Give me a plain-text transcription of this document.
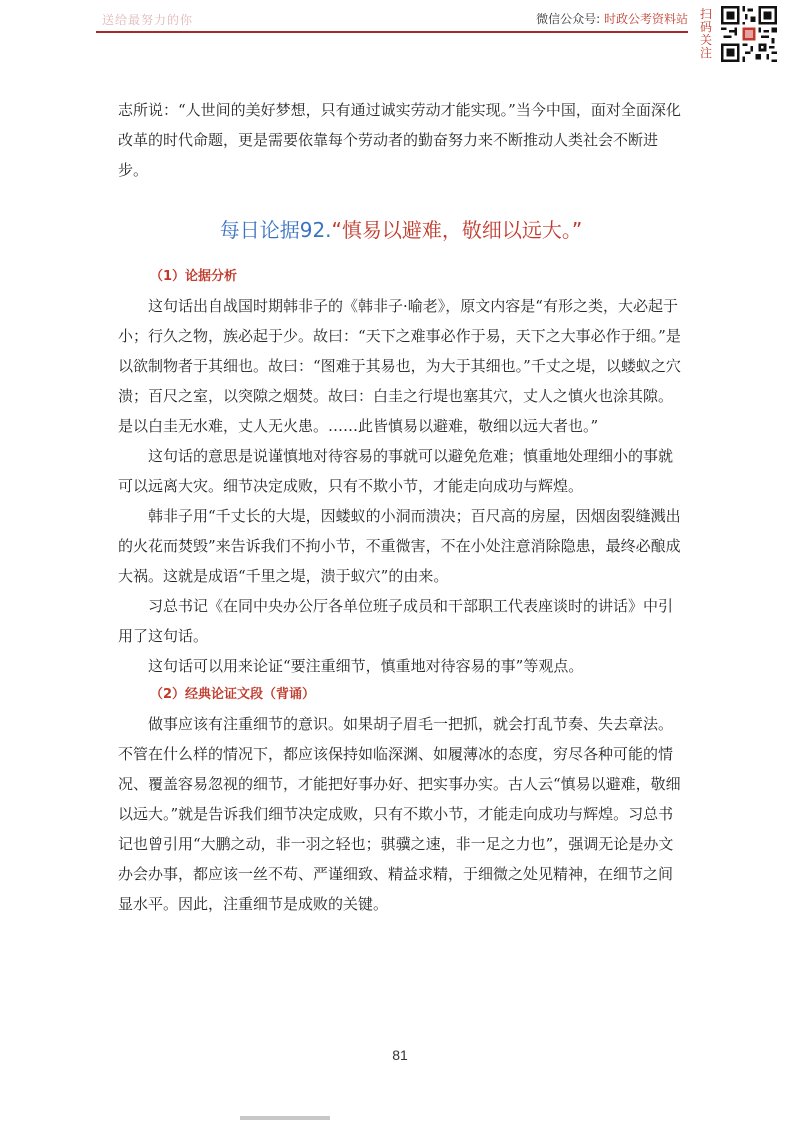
送给最努力的你	微信公众号: 时政公考资料站 扫码关注

志所说：“人世间的美好梦想，只有通过诚实劳动才能实现。”当今中国，面对全面深化改革的时代命题，更是需要依靠每个劳动者的勤奋努力来不断推动人类社会不断进步。

每日论据92.“慎易以避难，敬细以远大。”
（1）论据分析

这句话出自战国时期韩非子的《韩非子·喻老》，原文内容是“有形之类，大必起于小；行久之物，族必起于少。故曰：“天下之难事必作于易，天下之大事必作于细。”是以欲制物者于其细也。故曰：“图难于其易也，为大于其细也。”千丈之堤，以蝼蚁之穴溃；百尺之室，以突隙之烟焚。故曰：白圭之行堤也塞其穴，丈人之慎火也涂其隙。是以白圭无水难，丈人无火患。……此皆慎易以避难，敬细以远大者也。”

这句话的意思是说谨慎地对待容易的事就可以避免危难；慎重地处理细小的事就可以远离大灾。细节决定成败，只有不欺小节，才能走向成功与辉煌。

韩非子用“千丈长的大堤，因蝼蚁的小洞而溃决；百尺高的房屋，因烟囱裂缝溅出的火花而焚毁”来告诉我们不拘小节，不重微害，不在小处注意消除隐患，最终必酿成大祸。这就是成语“千里之堤，溃于蚁穴”的由来。

习总书记《在同中央办公厅各单位班子成员和干部职工代表座谈时的讲话》中引用了这句话。

这句话可以用来论证“要注重细节，慎重地对待容易的事”等观点。

（2）经典论证文段（背诵）

做事应该有注重细节的意识。如果胡子眉毛一把抓，就会打乱节奏、失去章法。不管在什么样的情况下，都应该保持如临深渊、如履薄冰的态度，穷尽各种可能的情况、覆盖容易忽视的细节，才能把好事办好、把实事办实。古人云“慎易以避难，敬细以远大。”就是告诉我们细节决定成败，只有不欺小节，才能走向成功与辉煌。习总书记也曾引用“大鹏之动，非一羽之轻也；骐骥之速，非一足之力也”，强调无论是办文办会办事，都应该一丝不苟、严谨细致、精益求精，于细微之处见精神，在细节之间显水平。因此，注重细节是成败的关键。

81
